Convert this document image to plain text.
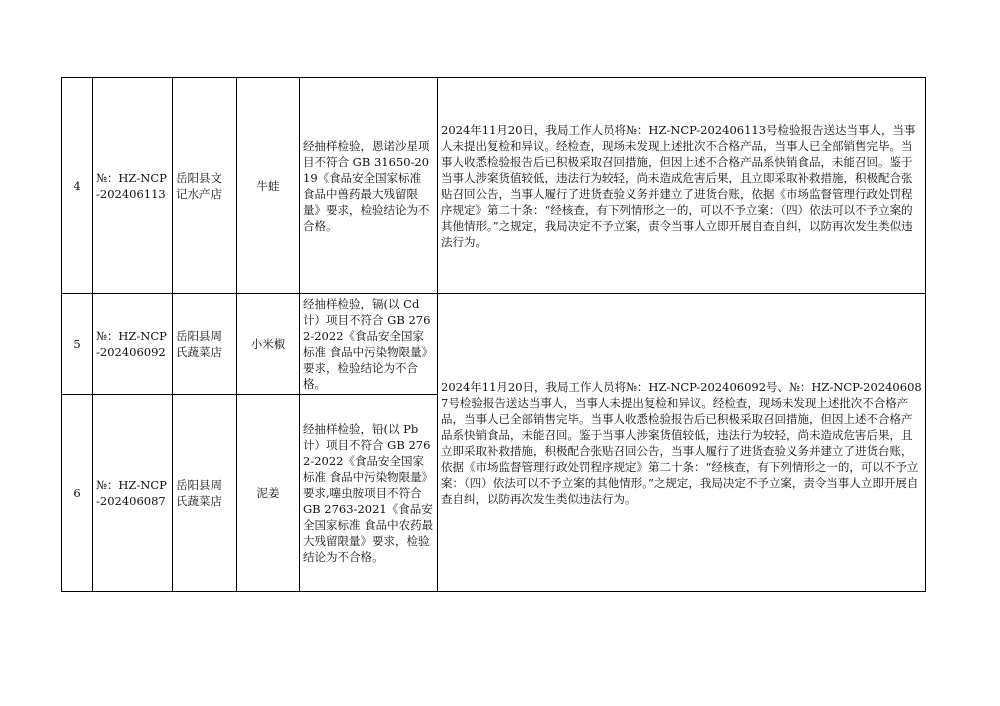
4	№：HZ-NCP-202406113	岳阳县文记水产店	牛蛙	经抽样检验，恩诺沙星项目不符合 GB 31650-2019《食品安全国家标准 食品中兽药最大残留限量》要求，检验结论为不合格。	2024年11月20日，我局工作人员将№：HZ-NCP-202406113号检验报告送达当事人，当事人未提出复检和异议。经检查，现场未发现上述批次不合格产品，当事人已全部销售完毕。当事人收悉检验报告后已积极采取召回措施，但因上述不合格产品系快销食品，未能召回。鉴于当事人涉案货值较低，违法行为较轻，尚未造成危害后果，且立即采取补救措施，积极配合张贴召回公告，当事人履行了进货查验义务并建立了进货台账，依据《市场监督管理行政处罚程序规定》第二十条：“经核查，有下列情形之一的，可以不予立案：（四）依法可以不予立案的其他情形。”之规定，我局决定不予立案，责令当事人立即开展自查自纠，以防再次发生类似违法行为。
5	№：HZ-NCP-202406092	岳阳县周氏蔬菜店	小米椒	经抽样检验，镉(以 Cd 计）项目不符合 GB 2762-2022《食品安全国家标准 食品中污染物限量》要求，检验结论为不合格。	2024年11月20日，我局工作人员将№：HZ-NCP-202406092号、№：HZ-NCP-202406087号检验报告送达当事人，当事人未提出复检和异议。经检查，现场未发现上述批次不合格产品，当事人已全部销售完毕。当事人收悉检验报告后已积极采取召回措施，但因上述不合格产品系快销食品，未能召回。鉴于当事人涉案货值较低，违法行为较轻，尚未造成危害后果，且立即采取补救措施，积极配合张贴召回公告，当事人履行了进货查验义务并建立了进货台账，依据《市场监督管理行政处罚程序规定》第二十条：“经核查，有下列情形之一的，可以不予立案：（四）依法可以不予立案的其他情形。”之规定，我局决定不予立案，责令当事人立即开展自查自纠，以防再次发生类似违法行为。
6	№：HZ-NCP-202406087	岳阳县周氏蔬菜店	泥姜	经抽样检验，铅(以 Pb 计）项目不符合 GB 2762-2022《食品安全国家标准 食品中污染物限量》要求,噻虫胺项目不符合 GB 2763-2021《食品安全国家标准 食品中农药最大残留限量》要求，检验结论为不合格。	
